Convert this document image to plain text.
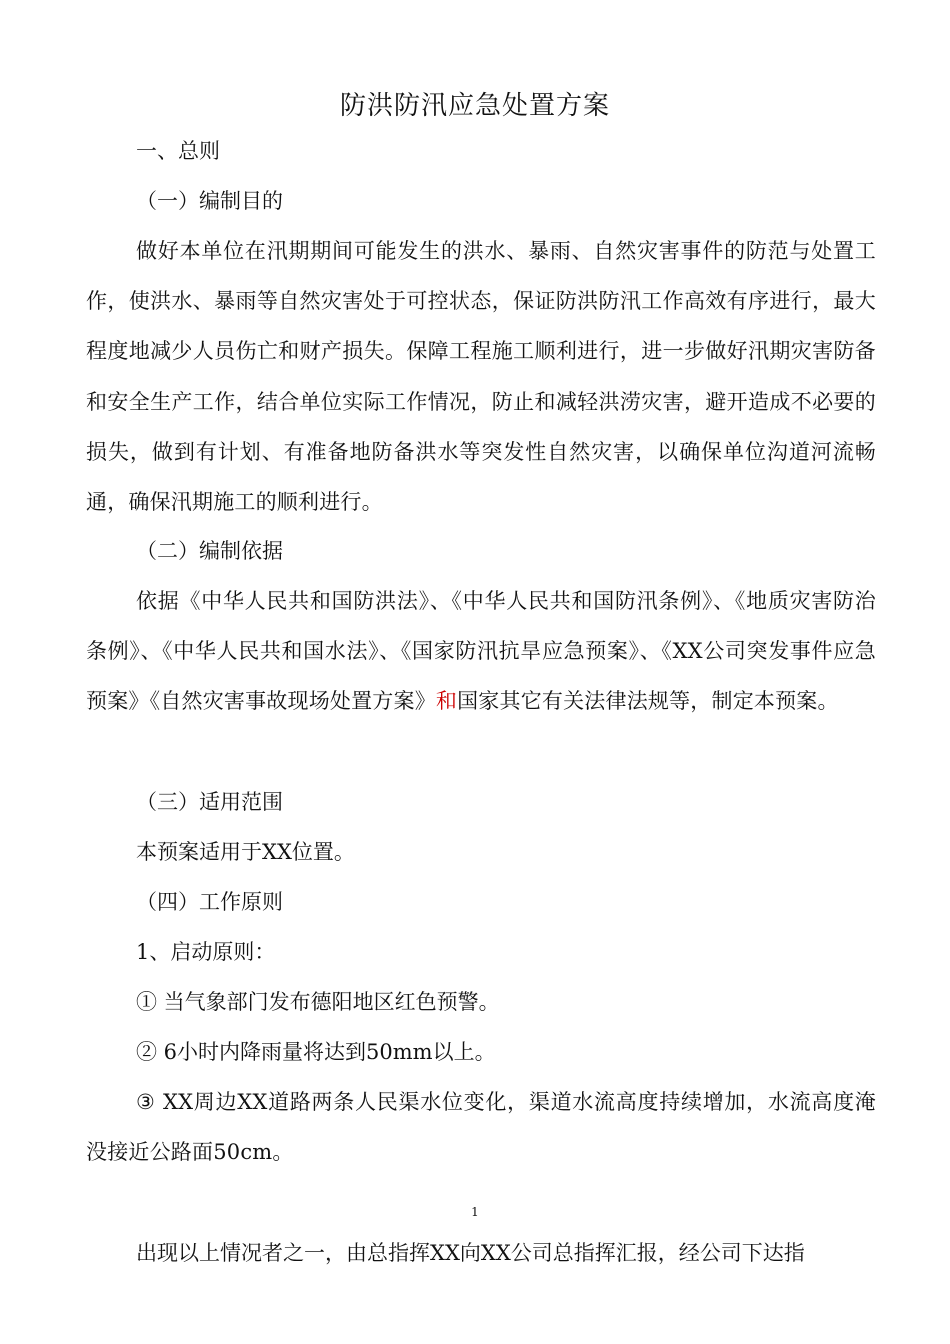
防洪防汛应急处置方案
一、总则
（一）编制目的
做好本单位在汛期期间可能发生的洪水、暴雨、自然灾害事件的防范与处置工作，使洪水、暴雨等自然灾害处于可控状态，保证防洪防汛工作高效有序进行，最大程度地减少人员伤亡和财产损失。保障工程施工顺利进行，进一步做好汛期灾害防备和安全生产工作，结合单位实际工作情况，防止和减轻洪涝灾害，避开造成不必要的损失，做到有计划、有准备地防备洪水等突发性自然灾害，以确保单位沟道河流畅通，确保汛期施工的顺利进行。
（二）编制依据
依据《中华人民共和国防洪法》、《中华人民共和国防汛条例》、《地质灾害防治条例》、《中华人民共和国水法》、《国家防汛抗旱应急预案》、《XX公司突发事件应急预案》《自然灾害事故现场处置方案》和国家其它有关法律法规等，制定本预案。
（三）适用范围
本预案适用于XX位置。
（四）工作原则
1、启动原则：
① 当气象部门发布德阳地区红色预警。
② 6小时内降雨量将达到50mm以上。
③ XX周边XX道路两条人民渠水位变化，渠道水流高度持续增加，水流高度淹没接近公路面50cm。
1
出现以上情况者之一，由总指挥XX向XX公司总指挥汇报，经公司下达指
